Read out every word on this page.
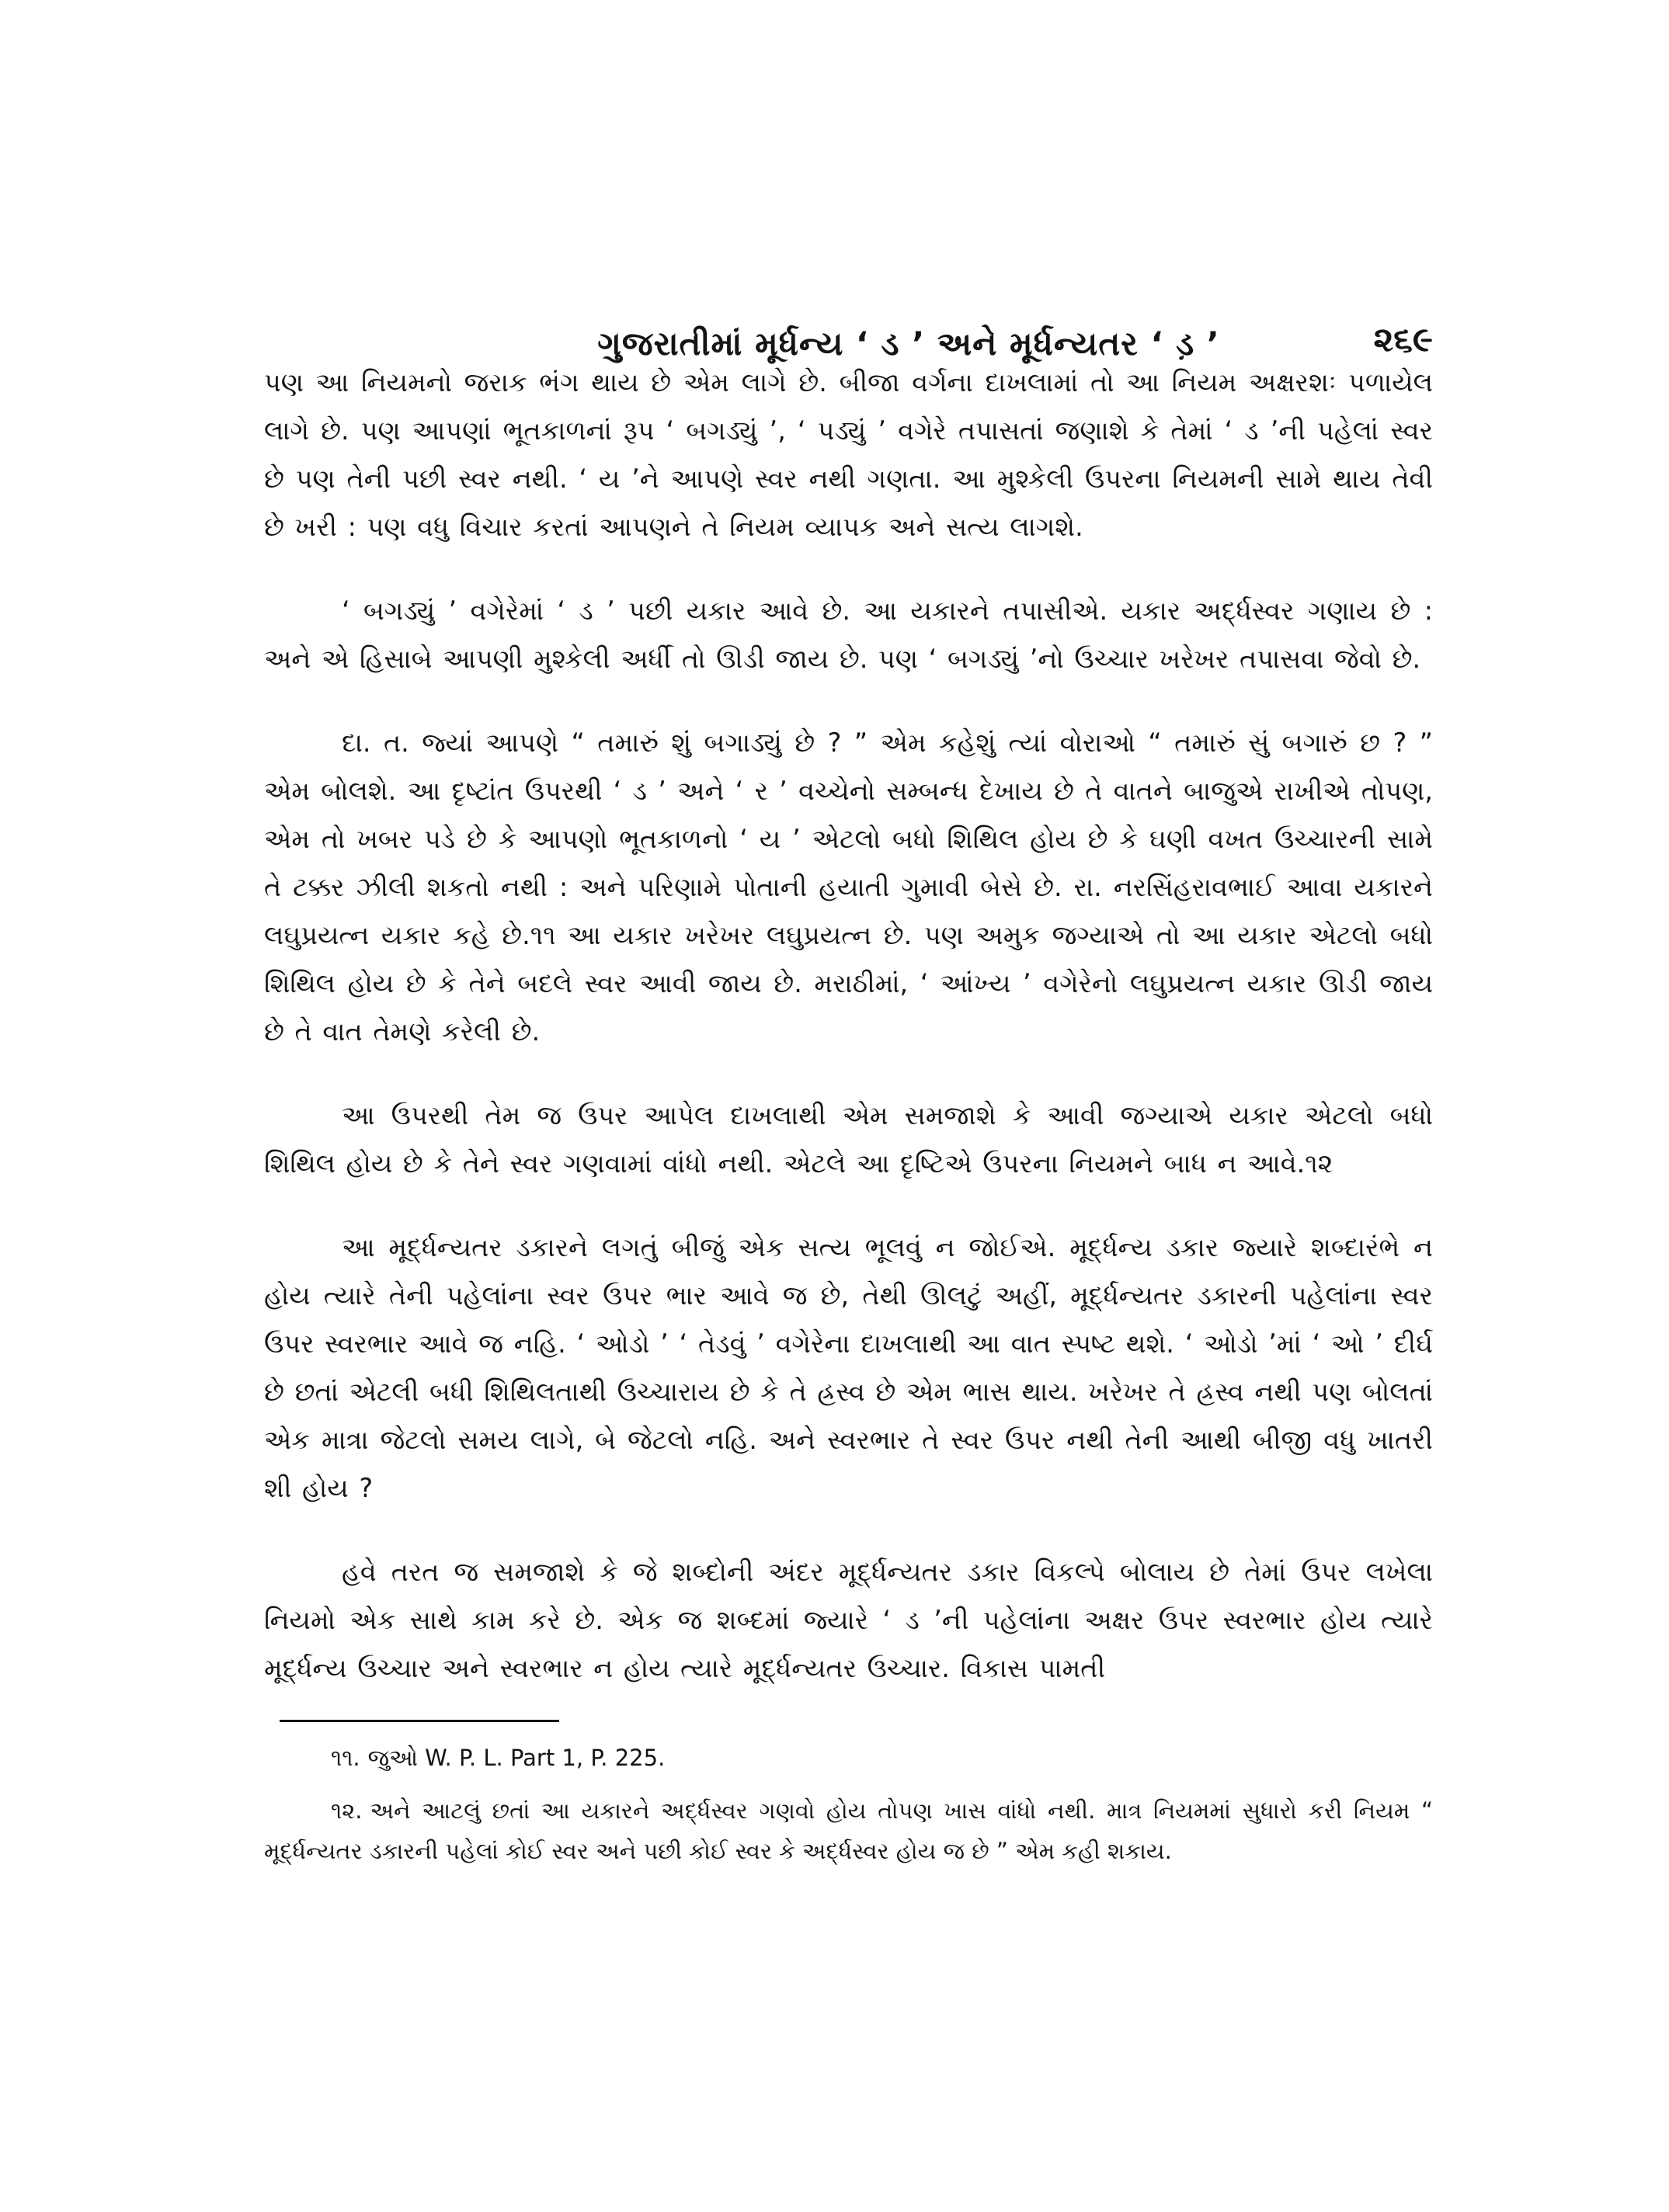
ગુજરાતીમાં મૂર્ધન્ય ‘ ડ ’ અને મૂર્ધન્યતર ‘ ડ઼ ’	૨૬૯

પણ આ નિયમનો જરાક ભંગ થાય છે એમ લાગે છે. બીજા વર્ગના દાખલામાં તો આ નિયમ અક્ષરશઃ પળાયેલ લાગે છે. પણ આપણાં ભૂતકાળનાં રૂપ ‘ બગડ્યું ’, ‘ પડ્યું ’ વગેરે તપાસતાં જણાશે કે તેમાં ‘ ડ ’ની પહેલાં સ્વર છે પણ તેની પછી સ્વર નથી. ‘ ય ’ને આપણે સ્વર નથી ગણતા. આ મુશ્કેલી ઉપરના નિયમની સામે થાય તેવી છે ખરી : પણ વધુ વિચાર કરતાં આપણને તે નિયમ વ્યાપક અને સત્ય લાગશે.

‘ બગડ્યું ’ વગેરેમાં ‘ ડ ’ પછી યકાર આવે છે. આ યકારને તપાસીએ. યકાર અર્દ્ધસ્વર ગણાય છે : અને એ હિસાબે આપણી મુશ્કેલી અર્ધી તો ઊડી જાય છે. પણ ‘ બગડ્યું ’નો ઉચ્ચાર ખરેખર તપાસવા જેવો છે.

દા. ત. જ્યાં આપણે “ તમારું શું બગાડ્યું છે ? ” એમ કહેશું ત્યાં વોરાઓ “ તમારું સું બગારું છ ? ” એમ બોલશે. આ દૃષ્ટાંત ઉપરથી ‘ ડ ’ અને ‘ ર ’ વચ્ચેનો સમ્બન્ધ દેખાય છે તે વાતને બાજુએ રાખીએ તોપણ, એમ તો ખબર પડે છે કે આપણો ભૂતકાળનો ‘ ય ’ એટલો બધો શિથિલ હોય છે કે ઘણી વખત ઉચ્ચારની સામે તે ટક્કર ઝીલી શકતો નથી : અને પરિણામે પોતાની હયાતી ગુમાવી બેસે છે. રા. નરસિંહરાવભાઈ આવા યકારને લઘુપ્રયત્ન યકાર કહે છે.૧૧ આ યકાર ખરેખર લઘુપ્રયત્ન છે. પણ અમુક જગ્યાએ તો આ યકાર એટલો બધો શિથિલ હોય છે કે તેને બદલે સ્વર આવી જાય છે. મરાઠીમાં, ‘ આંખ્ય ’ વગેરેનો લઘુપ્રયત્ન યકાર ઊડી જાય છે તે વાત તેમણે કરેલી છે.

આ ઉપરથી તેમ જ ઉપર આપેલ દાખલાથી એમ સમજાશે કે આવી જગ્યાએ યકાર એટલો બધો શિથિલ હોય છે કે તેને સ્વર ગણવામાં વાંધો નથી. એટલે આ દૃષ્ટિએ ઉપરના નિયમને બાધ ન આવે.૧૨

આ મૂર્દ્ધન્યતર ડકારને લગતું બીજું એક સત્ય ભૂલવું ન જોઈએ. મૂર્દ્ધન્ય ડકાર જ્યારે શબ્દારંભે ન હોય ત્યારે તેની પહેલાંના સ્વર ઉપર ભાર આવે જ છે, તેથી ઊલટું અહીં, મૂર્દ્ધન્યતર ડકારની પહેલાંના સ્વર ઉપર સ્વરભાર આવે જ નહિ. ‘ ઓડો ’ ‘ તેડવું ’ વગેરેના દાખલાથી આ વાત સ્પષ્ટ થશે. ‘ ઓડો ’માં ‘ ઓ ’ દીર્ઘ છે છતાં એટલી બધી શિથિલતાથી ઉચ્ચારાય છે કે તે હ્રસ્વ છે એમ ભાસ થાય. ખરેખર તે હ્રસ્વ નથી પણ બોલતાં એક માત્રા જેટલો સમય લાગે, બે જેટલો નહિ. અને સ્વરભાર તે સ્વર ઉપર નથી તેની આથી બીજી વધુ ખાતરી શી હોય ?

હવે તરત જ સમજાશે કે જે શબ્દોની અંદર મૂર્દ્ધન્યતર ડકાર વિકલ્પે બોલાય છે તેમાં ઉપર લખેલા નિયમો એક સાથે કામ કરે છે. એક જ શબ્દમાં જ્યારે ‘ ડ ’ની પહેલાંના અક્ષર ઉપર સ્વરભાર હોય ત્યારે મૂર્દ્ધન્ય ઉચ્ચાર અને સ્વરભાર ન હોય ત્યારે મૂર્દ્ધન્યતર ઉચ્ચાર. વિકાસ પામતી

૧૧. જુઓ W. P. L. Part 1, P. 225.

૧૨. અને આટલું છતાં આ યકારને અર્દ્ધસ્વર ગણવો હોય તોપણ ખાસ વાંધો નથી. માત્ર નિયમમાં સુધારો કરી નિયમ “ મૂર્દ્ધન્યતર ડકારની પહેલાં કોઈ સ્વર અને પછી કોઈ સ્વર કે અર્દ્ધસ્વર હોય જ છે ” એમ કહી શકાય.
